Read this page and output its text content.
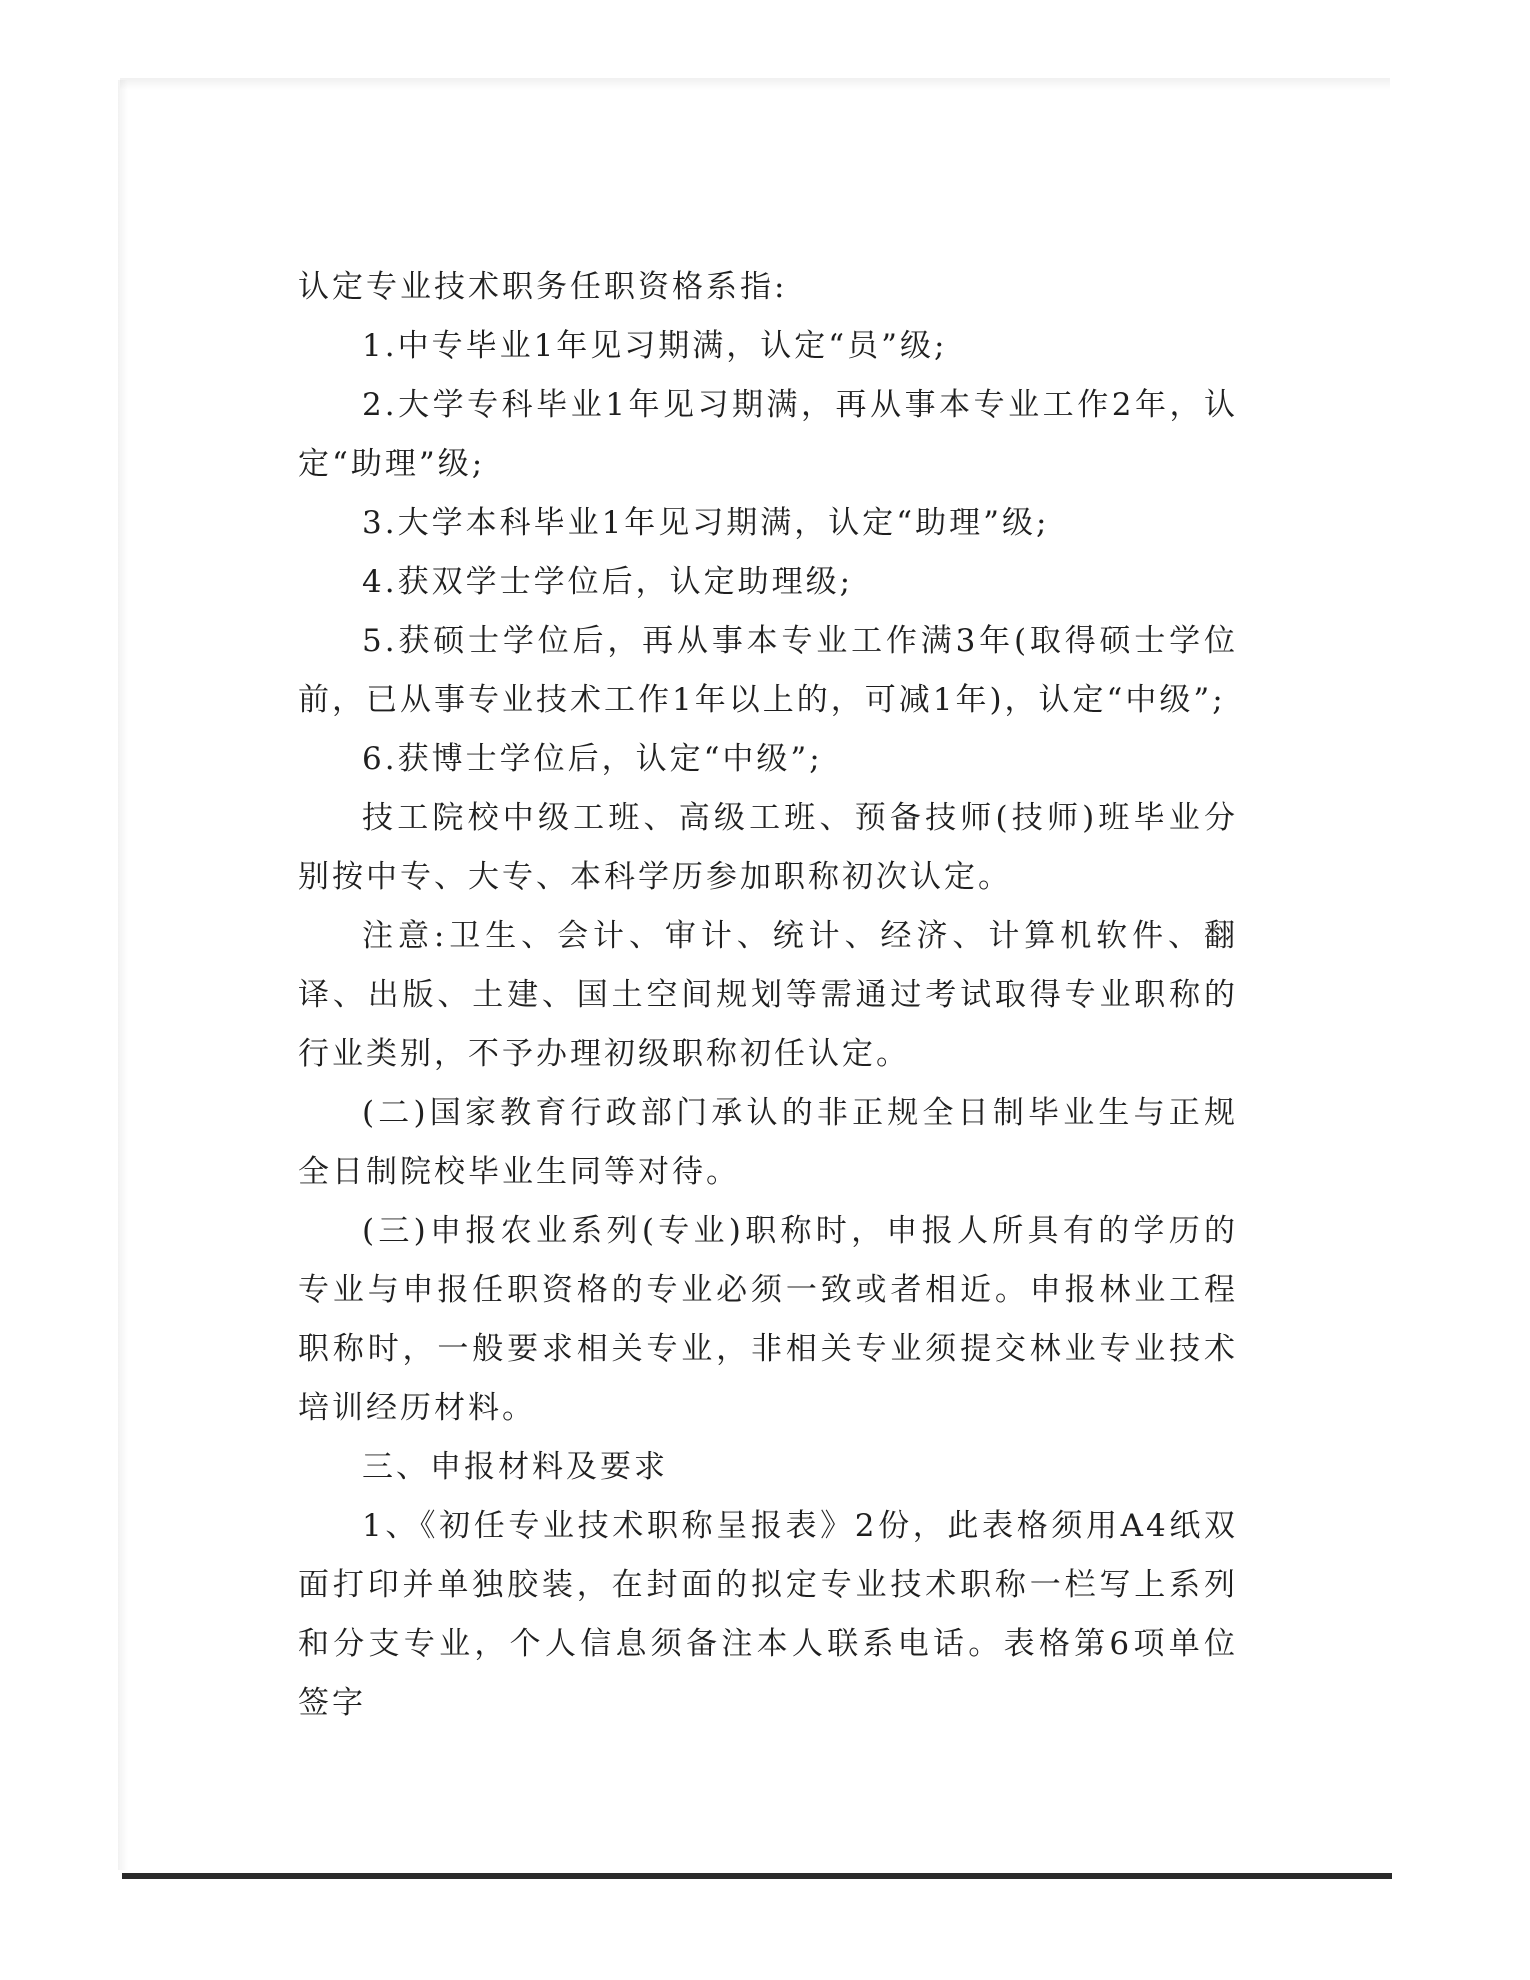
认定专业技术职务任职资格系指:

1.中专毕业1年见习期满，认定“员”级;

2.大学专科毕业1年见习期满，再从事本专业工作2年，认定“助理”级;

3.大学本科毕业1年见习期满，认定“助理”级;

4.获双学士学位后，认定助理级;

5.获硕士学位后，再从事本专业工作满3年(取得硕士学位前，已从事专业技术工作1年以上的，可减1年)，认定“中级”;

6.获博士学位后，认定“中级”;

技工院校中级工班、高级工班、预备技师(技师)班毕业分别按中专、大专、本科学历参加职称初次认定。

注意:卫生、会计、审计、统计、经济、计算机软件、翻译、出版、土建、国土空间规划等需通过考试取得专业职称的行业类别，不予办理初级职称初任认定。

(二)国家教育行政部门承认的非正规全日制毕业生与正规全日制院校毕业生同等对待。

(三)申报农业系列(专业)职称时，申报人所具有的学历的专业与申报任职资格的专业必须一致或者相近。申报林业工程职称时，一般要求相关专业，非相关专业须提交林业专业技术培训经历材料。

三、申报材料及要求

1、《初任专业技术职称呈报表》2份，此表格须用A4纸双面打印并单独胶装，在封面的拟定专业技术职称一栏写上系列和分支专业，个人信息须备注本人联系电话。表格第6项单位签字
